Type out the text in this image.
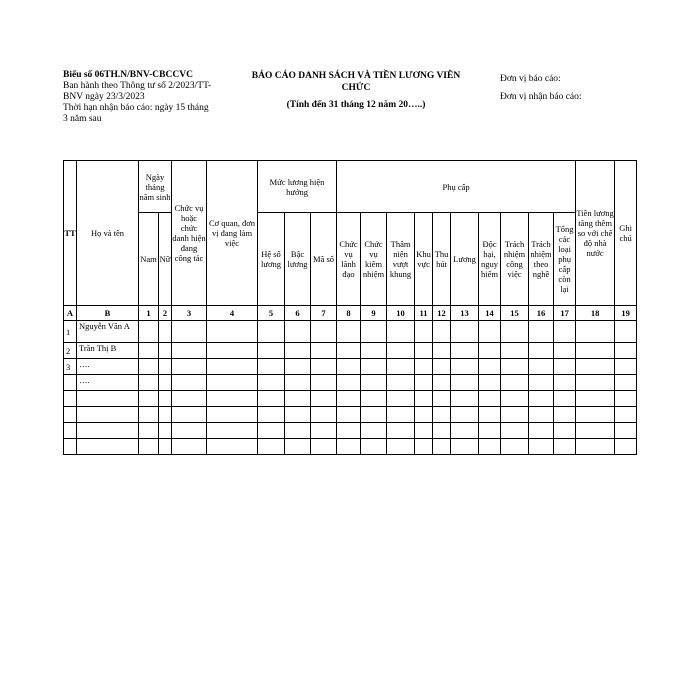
Biểu số 06TH.N/BNV-CBCCVC
Ban hành theo Thông tư số 2/2023/TT-BNV ngày 23/3/2023
Thời hạn nhận báo cáo: ngày 15 tháng 3 năm sau
BÁO CÁO DANH SÁCH VÀ TIỀN LƯƠNG VIÊN CHỨC
(Tính đến 31 tháng 12 năm 20…..)
Đơn vị báo cáo:
Đơn vị nhận báo cáo:
TT	Họ và tên	Ngày tháng năm sinh		Chức vụ hoặc chức danh hiện đang công tác	Cơ quan, đơn vị đang làm việc	Mức lương hiện hưởng			Phụ cấp										Tiền lương tăng thêm so với chế độ nhà nước	Ghi chú
		Nam	Nữ			Hệ số lương	Bậc lương	Mã số	Chức vụ lãnh đạo	Chức vụ kiêm nhiệm	Thâm niên vượt khung	Khu vực	Thu hút	Lương	Độc hại, nguy hiểm	Trách nhiệm công việc	Trách nhiệm theo nghề	Tổng các loại phụ cấp còn lại		
A	B	1	2	3	4	5	6	7	8	9	10	11	12	13	14	15	16	17	18	19
1	Nguyễn Văn A																			
2	Trần Thị B																			
3	….																			
	….																			
